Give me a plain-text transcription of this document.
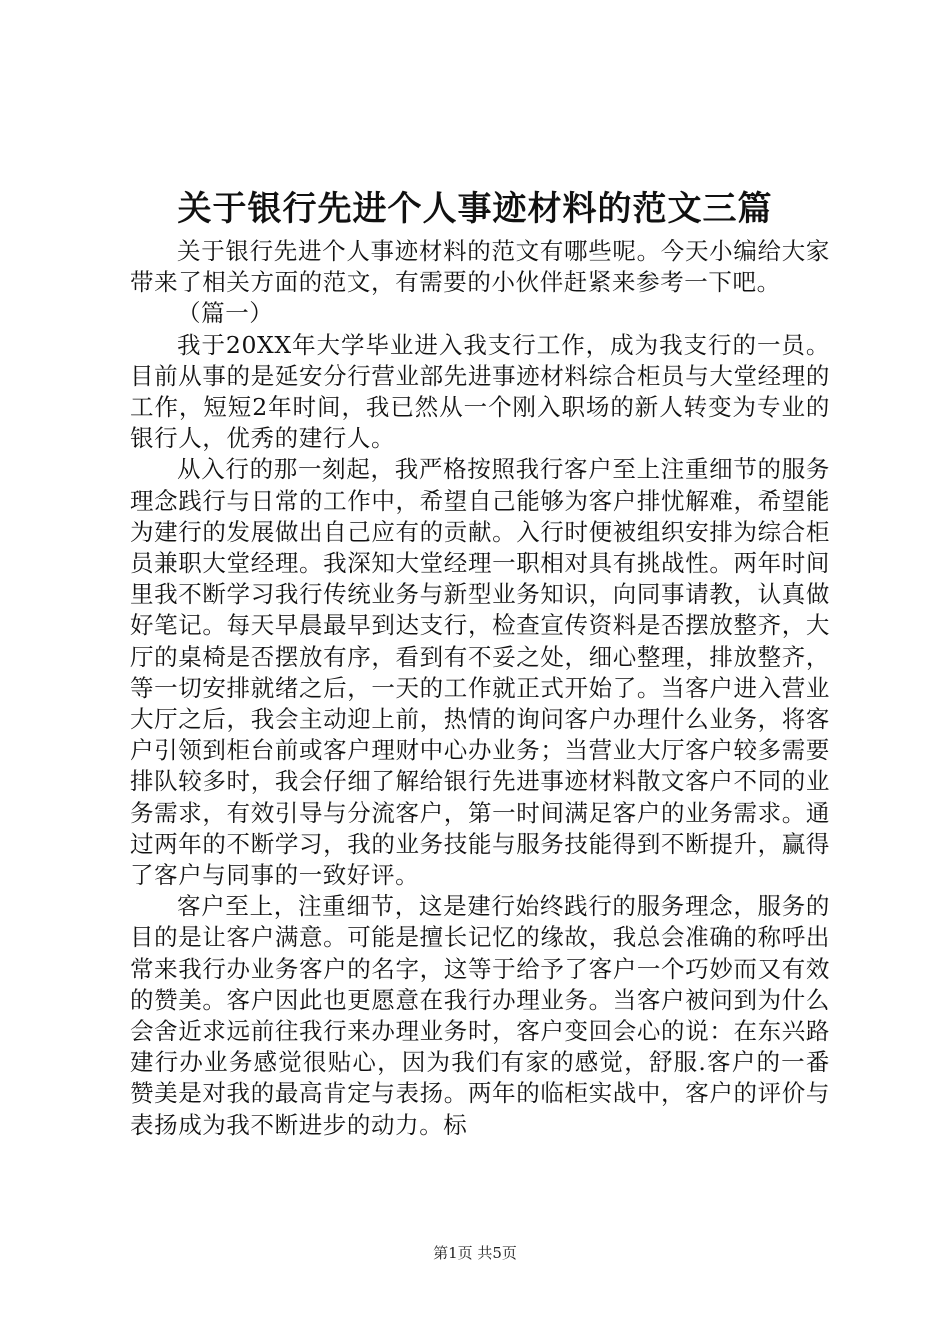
关于银行先进个人事迹材料的范文三篇

关于银行先进个人事迹材料的范文有哪些呢。今天小编给大家带来了相关方面的范文，有需要的小伙伴赶紧来参考一下吧。

（篇一）

我于20XX年大学毕业进入我支行工作，成为我支行的一员。目前从事的是延安分行营业部先进事迹材料综合柜员与大堂经理的工作，短短2年时间，我已然从一个刚入职场的新人转变为专业的银行人，优秀的建行人。

从入行的那一刻起，我严格按照我行客户至上注重细节的服务理念践行与日常的工作中，希望自己能够为客户排忧解难，希望能为建行的发展做出自己应有的贡献。入行时便被组织安排为综合柜员兼职大堂经理。我深知大堂经理一职相对具有挑战性。两年时间里我不断学习我行传统业务与新型业务知识，向同事请教，认真做好笔记。每天早晨最早到达支行，检查宣传资料是否摆放整齐，大厅的桌椅是否摆放有序，看到有不妥之处，细心整理，排放整齐，等一切安排就绪之后，一天的工作就正式开始了。当客户进入营业大厅之后，我会主动迎上前，热情的询问客户办理什么业务，将客户引领到柜台前或客户理财中心办业务；当营业大厅客户较多需要排队较多时，我会仔细了解给银行先进事迹材料散文客户不同的业务需求，有效引导与分流客户，第一时间满足客户的业务需求。通过两年的不断学习，我的业务技能与服务技能得到不断提升，赢得了客户与同事的一致好评。

客户至上，注重细节，这是建行始终践行的服务理念，服务的目的是让客户满意。可能是擅长记忆的缘故，我总会准确的称呼出常来我行办业务客户的名字，这等于给予了客户一个巧妙而又有效的赞美。客户因此也更愿意在我行办理业务。当客户被问到为什么会舍近求远前往我行来办理业务时，客户变回会心的说：在东兴路建行办业务感觉很贴心，因为我们有家的感觉，舒服.客户的一番赞美是对我的最高肯定与表扬。两年的临柜实战中，客户的评价与表扬成为我不断进步的动力。标

第1页 共5页
